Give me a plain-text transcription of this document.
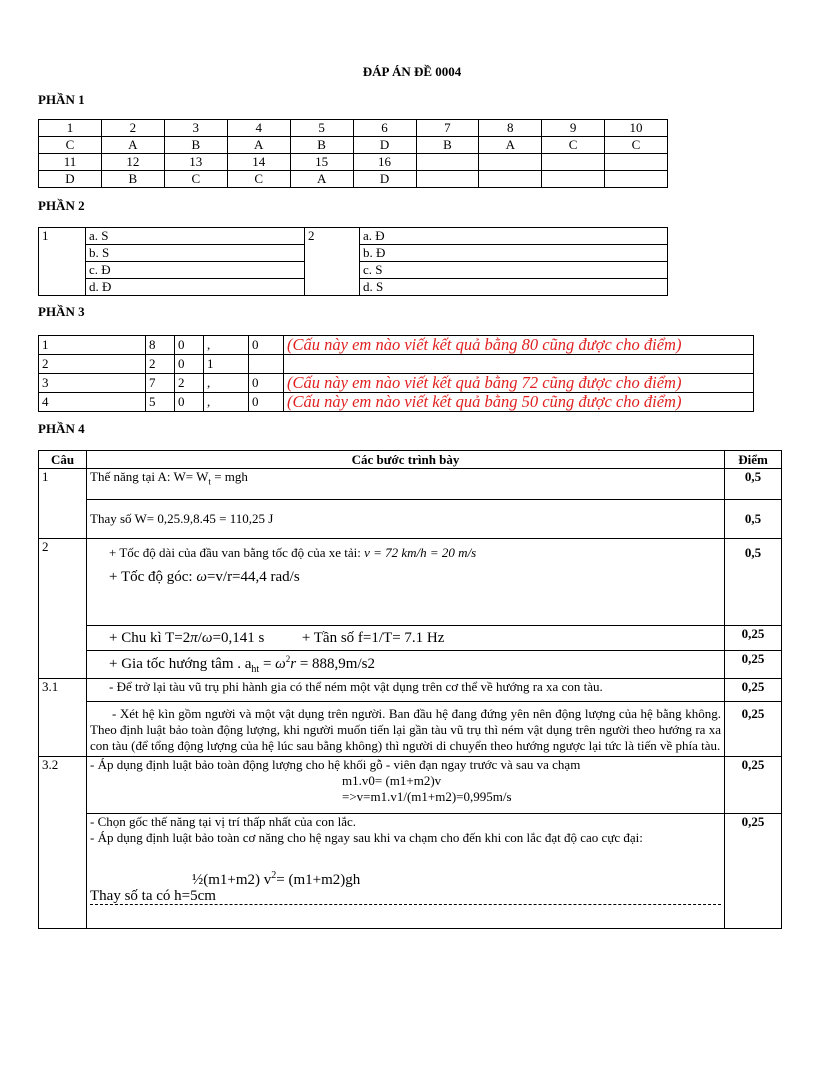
ĐÁP ÁN ĐỀ 0004
PHẦN 1
1	2	3	4	5	6	7	8	9	10
C	A	B	A	B	D	B	A	C	C
11	12	13	14	15	16				
D	B	C	C	A	D				
PHẦN 2
1	a. S	2	a. Đ
	b. S		b. Đ
	c. Đ		c. S
	d. Đ		d. S
PHẦN 3
1	8	0	,	0	(Cấu này em nào viết kết quả bằng 80 cũng được cho điểm)
2	2	0	1		
3	7	2	,	0	(Cấu này em nào viết kết quả bằng 72 cũng được cho điểm)
4	5	0	,	0	(Cấu này em nào viết kết quả bằng 50 cũng được cho điểm)
PHẦN 4
Câu	Các bước trình bày	Điểm
1	Thế năng tại A: $W= W_t$ = mgh	0,5
	Thay số W= 0,25.9,8.45 = 110,25 J	0,5
2	+ Tốc độ dài của đầu van bằng tốc độ của xe tải: v = 72 km/h = 20 m/s
+ Tốc độ góc: ω=v/r=44,4 rad/s	0,5
	+ Chu kì T=2π/ω=0,141 s + Tần số f=1/T= 7.1 Hz	0,25
	+ Gia tốc hướng tâm . $a_{ht} = \omega^2r = 888,9m/s2$	0,25
3.1	- Để trở lại tàu vũ trụ phi hành gia có thể ném một vật dụng trên cơ thể về hướng ra xa con tàu.	0,25
	- Xét hệ kìn gồm người và một vật dụng trên người. Ban đầu hệ đang đứng yên nên động lượng của hệ bằng không. Theo định luật bảo toàn động lượng, khi người muốn tiến lại gần tàu vũ trụ thì ném vật dụng trên người theo hướng ra xa con tàu (để tổng động lượng của hệ lúc sau bằng không) thì người di chuyển theo hướng ngược lại tức là tiến về phía tàu.	0,25
3.2	- Áp dụng định luật bảo toàn động lượng cho hệ khối gỗ - viên đạn ngay trước và sau va chạm
m1.v0= (m1+m2)v
=>v=m1.v1/(m1+m2)=0,995m/s	0,25

	- Chọn gốc thế năng tại vị trí thấp nhất của con lắc.
- Áp dụng định luật bảo toàn cơ năng cho hệ ngay sau khi va chạm cho đến khi con lắc đạt độ cao cực đại:
½(m1+m2) $v^2= (m1+m2)gh$
Thay số ta có h=5cm	0,25
